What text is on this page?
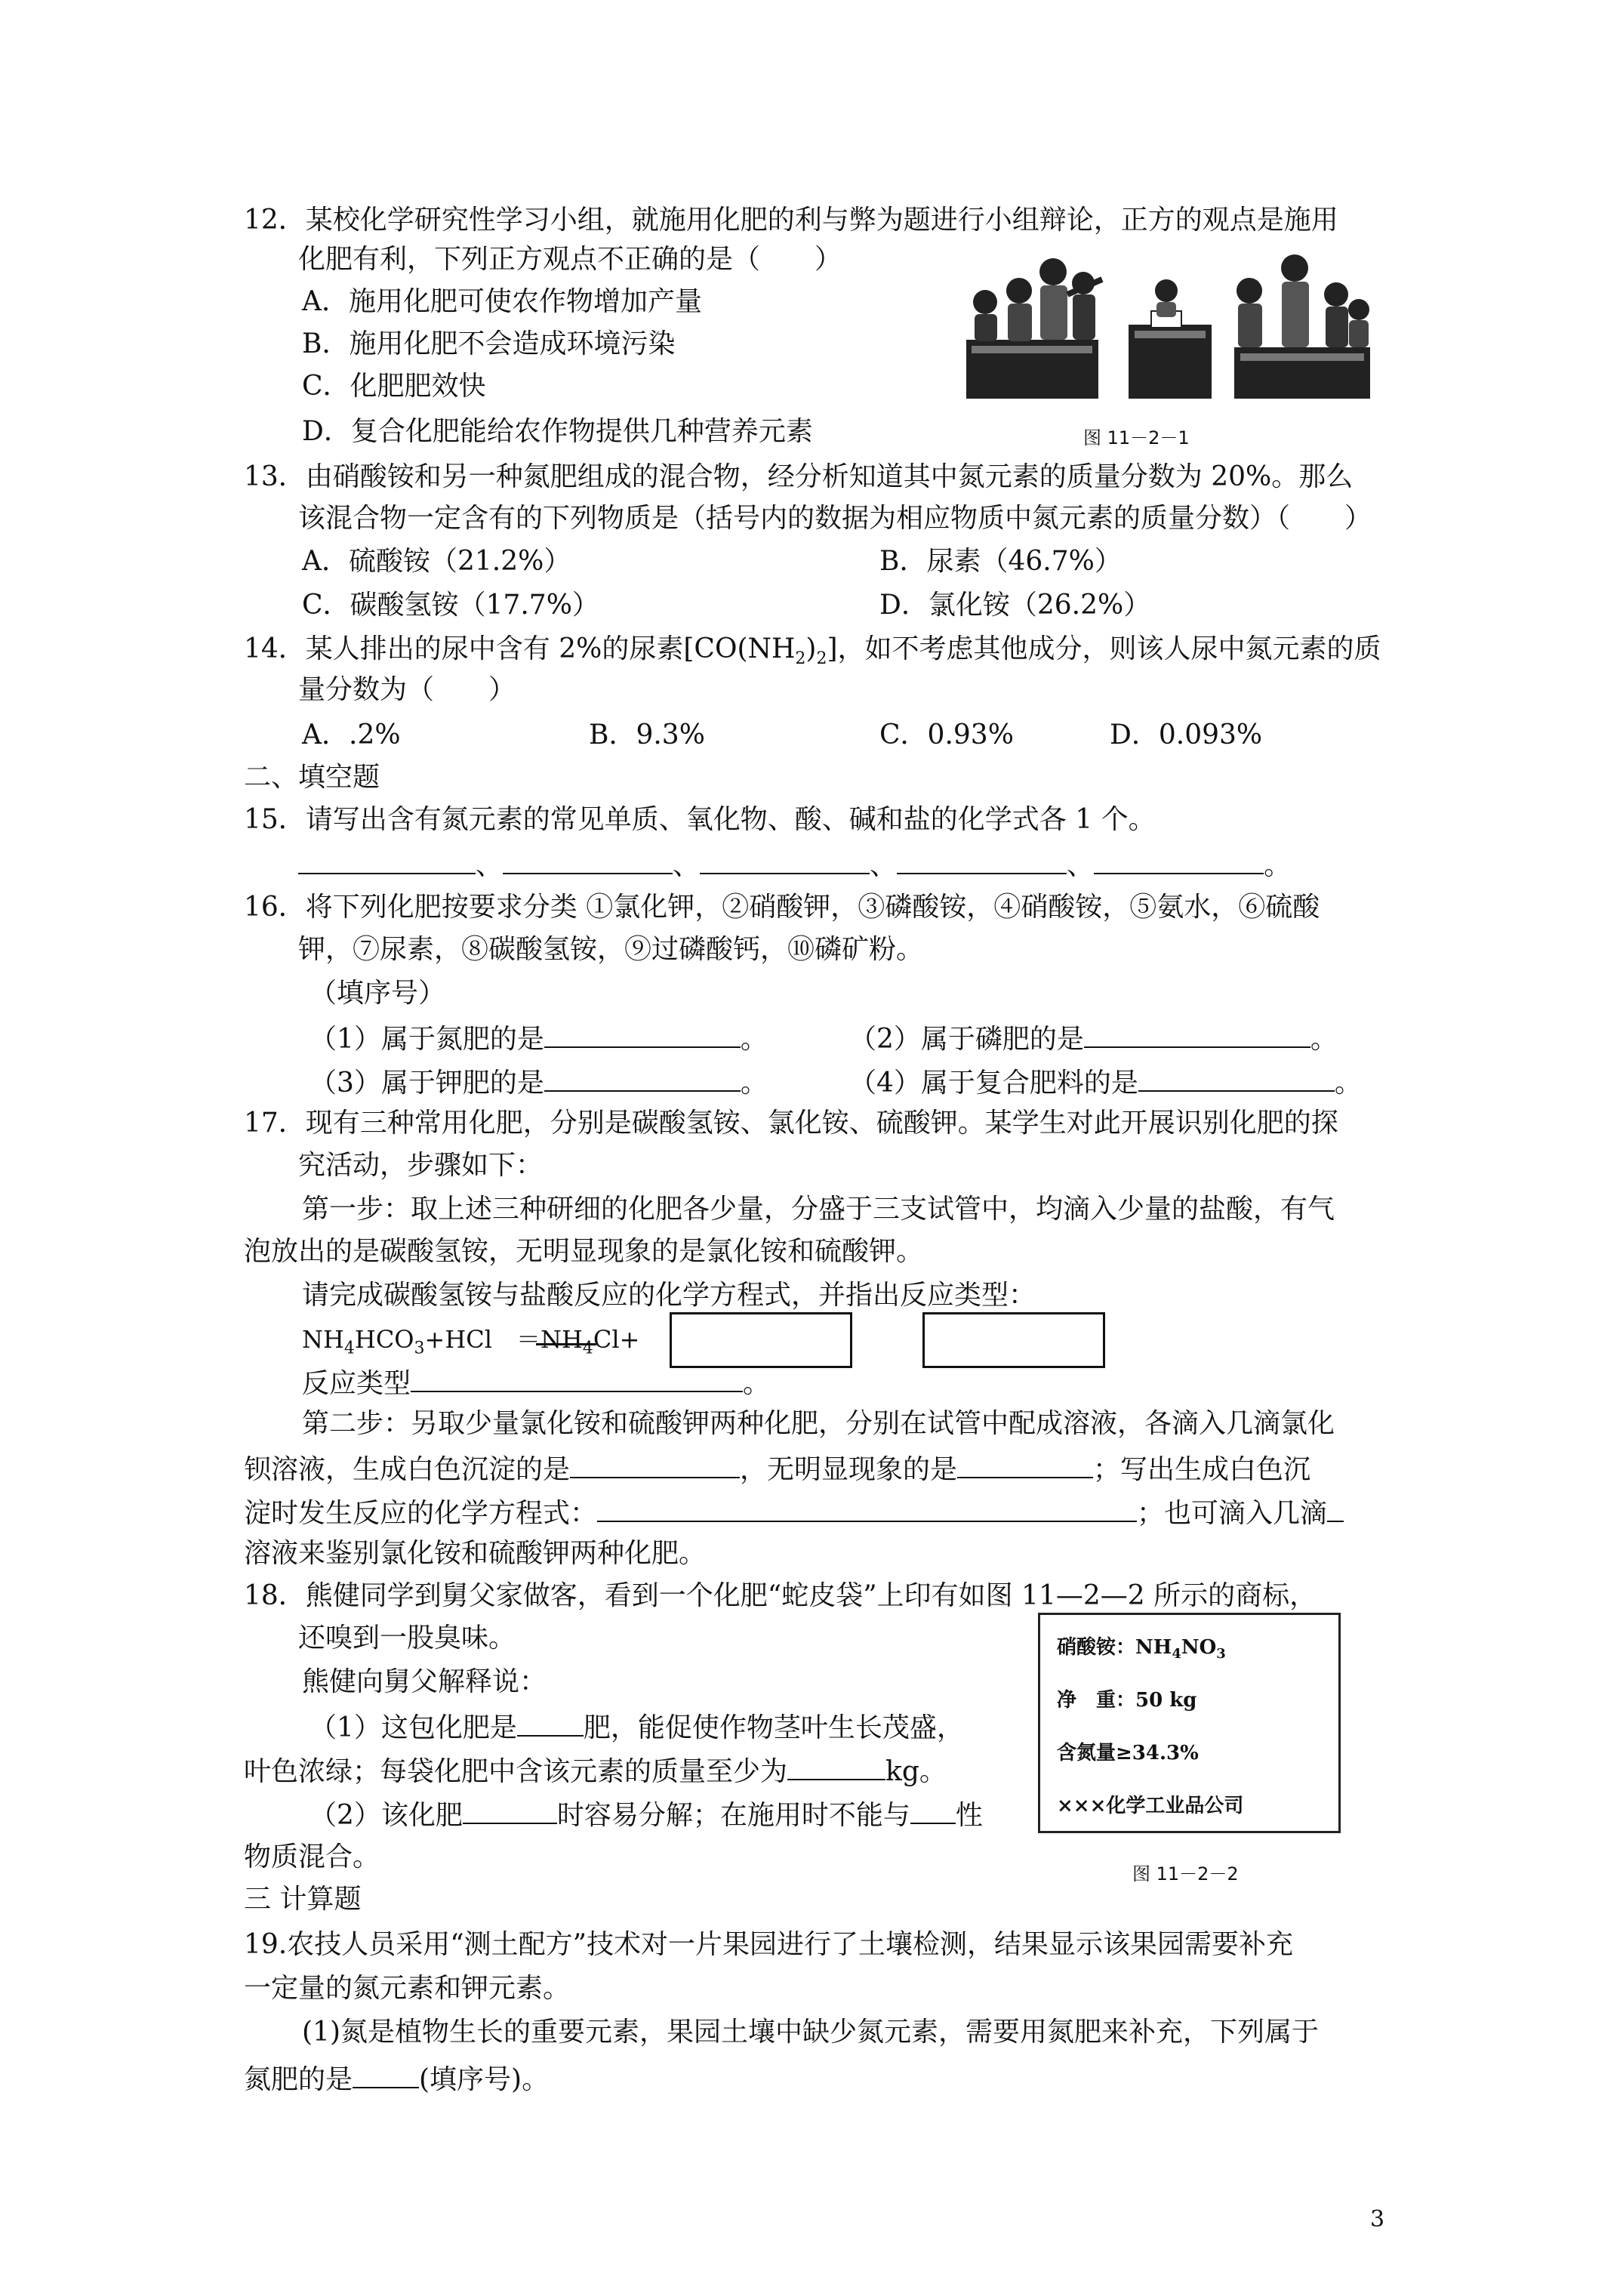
12．某校化学研究性学习小组，就施用化肥的利与弊为题进行小组辩论，正方的观点是施用
化肥有利，下列正方观点不正确的是（　　）
A．施用化肥可使农作物增加产量
B．施用化肥不会造成环境污染
C．化肥肥效快
D．复合化肥能给农作物提供几种营养元素	图 11－2－1
13．由硝酸铵和另一种氮肥组成的混合物，经分析知道其中氮元素的质量分数为 20%。那么
该混合物一定含有的下列物质是（括号内的数据为相应物质中氮元素的质量分数）（　　）
A．硫酸铵（21.2%）	B．尿素（46.7%）
C．碳酸氢铵（17.7%）	D．氯化铵（26.2%）
14．某人排出的尿中含有 2%的尿素$[CO(NH_2)_2]$，如不考虑其他成分，则该人尿中氮元素的质
量分数为（　　）
A．.2%	B．9.3%	C．0.93%	D．0.093%
二、填空题
15．请写出含有氮元素的常见单质、氧化物、酸、碱和盐的化学式各 1 个。
、	、	、	、	。
16．将下列化肥按要求分类 ①氯化钾，②硝酸钾，③磷酸铵，④硝酸铵，⑤氨水，⑥硫酸
钾，⑦尿素，⑧碳酸氢铵，⑨过磷酸钙，⑩磷矿粉。
（填序号）
（1）属于氮肥的是	。	（2）属于磷肥的是	。
（3）属于钾肥的是	。	（4）属于复合肥料的是	。
17．现有三种常用化肥，分别是碳酸氢铵、氯化铵、硫酸钾。某学生对此开展识别化肥的探
究活动，步骤如下：
第一步：取上述三种研细的化肥各少量，分盛于三支试管中，均滴入少量的盐酸，有气
泡放出的是碳酸氢铵，无明显现象的是氯化铵和硫酸钾。
请完成碳酸氢铵与盐酸反应的化学方程式，并指出反应类型：
$NH_4HCO_3+HCl$　$=NH_4Cl+$
反应类型	。
第二步：另取少量氯化铵和硫酸钾两种化肥，分别在试管中配成溶液，各滴入几滴氯化
钡溶液，生成白色沉淀的是	，无明显现象的是	；写出生成白色沉
淀时发生反应的化学方程式：	；也可滴入几滴
溶液来鉴别氯化铵和硫酸钾两种化肥。
18．熊健同学到舅父家做客，看到一个化肥“蛇皮袋”上印有如图 11—2—2 所示的商标，
还嗅到一股臭味。
熊健向舅父解释说：
（1）这包化肥是 肥，能促使作物茎叶生长茂盛，
叶色浓绿；每袋化肥中含该元素的质量至少为	kg。
（2）该化肥	时容易分解；在施用时不能与 性
物质混合。
硝酸铵：$NH_4NO_3$
净　重：50 kg
含氮量≥34.3%
×××化学工业品公司
图 11－2－2
三 计算题
19.农技人员采用“测土配方”技术对一片果园进行了土壤检测，结果显示该果园需要补充
一定量的氮元素和钾元素。
(1)氮是植物生长的重要元素，果园土壤中缺少氮元素，需要用氮肥来补充，下列属于
氮肥的是 (填序号)。
3
